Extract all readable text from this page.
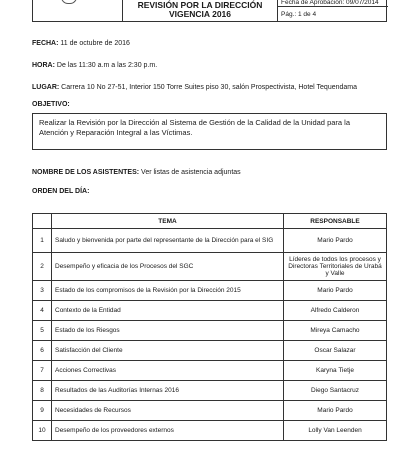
REVISIÓN POR LA DIRECCIÓN VIGENCIA 2016
Fecha de Aprobación: 09/07/2014
Pág.: 1 de 4
FECHA: 11 de octubre de 2016
HORA: De las 11:30 a.m a las 2:30 p.m.
LUGAR: Carrera 10 No 27-51, Interior 150 Torre Suites piso 30, salón Prospectivista, Hotel Tequendama
OBJETIVO:
Realizar la Revisión por la Dirección al Sistema de Gestión de la Calidad de la Unidad para la Atención y Reparación Integral a las Víctimas.
NOMBRE DE LOS ASISTENTES: Ver listas de asistencia adjuntas
ORDEN DEL DÍA:
	TEMA	RESPONSABLE
1	Saludo y bienvenida por parte del representante de la Dirección para el SIG	Mario Pardo
2	Desempeño y eficacia de los Procesos del SGC	Líderes de todos los procesos y Directoras Territoriales de Urabá y Valle
3	Estado de los compromisos de la Revisión por la Dirección 2015	Mario Pardo
4	Contexto de la Entidad	Alfredo Calderon
5	Estado de los Riesgos	Mireya Camacho
6	Satisfacción del Cliente	Oscar Salazar
7	Acciones Correctivas	Karyna Tietje
8	Resultados de las Auditorías Internas 2016	Diego Santacruz
9	Necesidades de Recursos	Mario Pardo
10	Desempeño de los proveedores externos	Lolly Van Leenden
